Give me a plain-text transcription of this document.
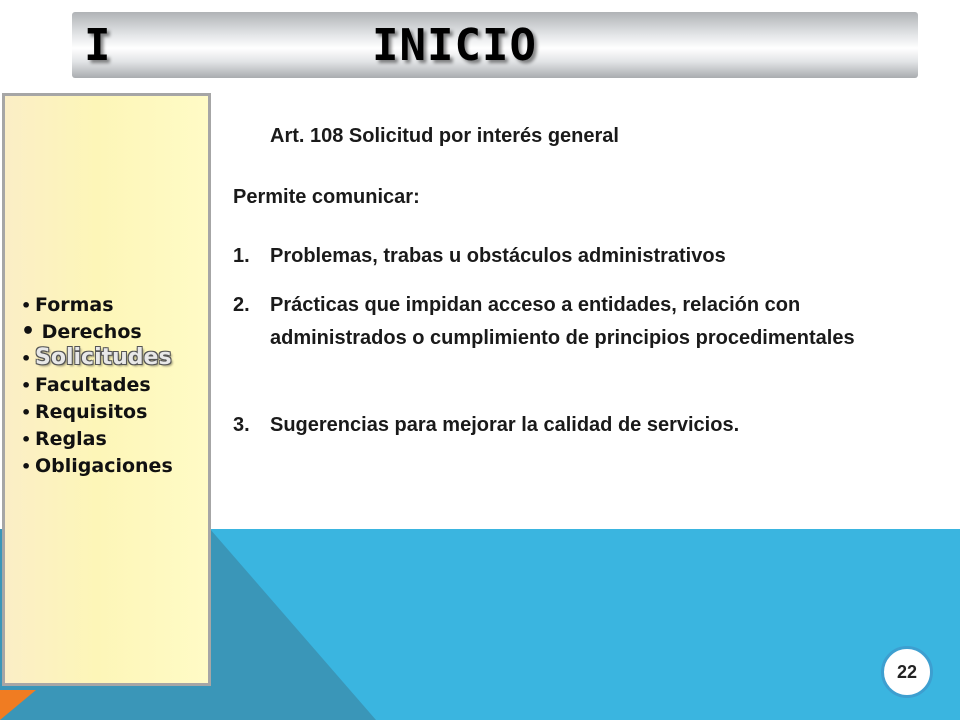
I	INICIO
• Formas
• Derechos
• Solicitudes
• Facultades
• Requisitos
• Reglas
• Obligaciones
Art. 108 Solicitud por interés general
Permite comunicar:
1.	Problemas, trabas u obstáculos administrativos
2.	Prácticas que impidan acceso a entidades, relación con administrados o cumplimiento de principios procedimentales
3.	Sugerencias para mejorar la calidad de servicios.
22
